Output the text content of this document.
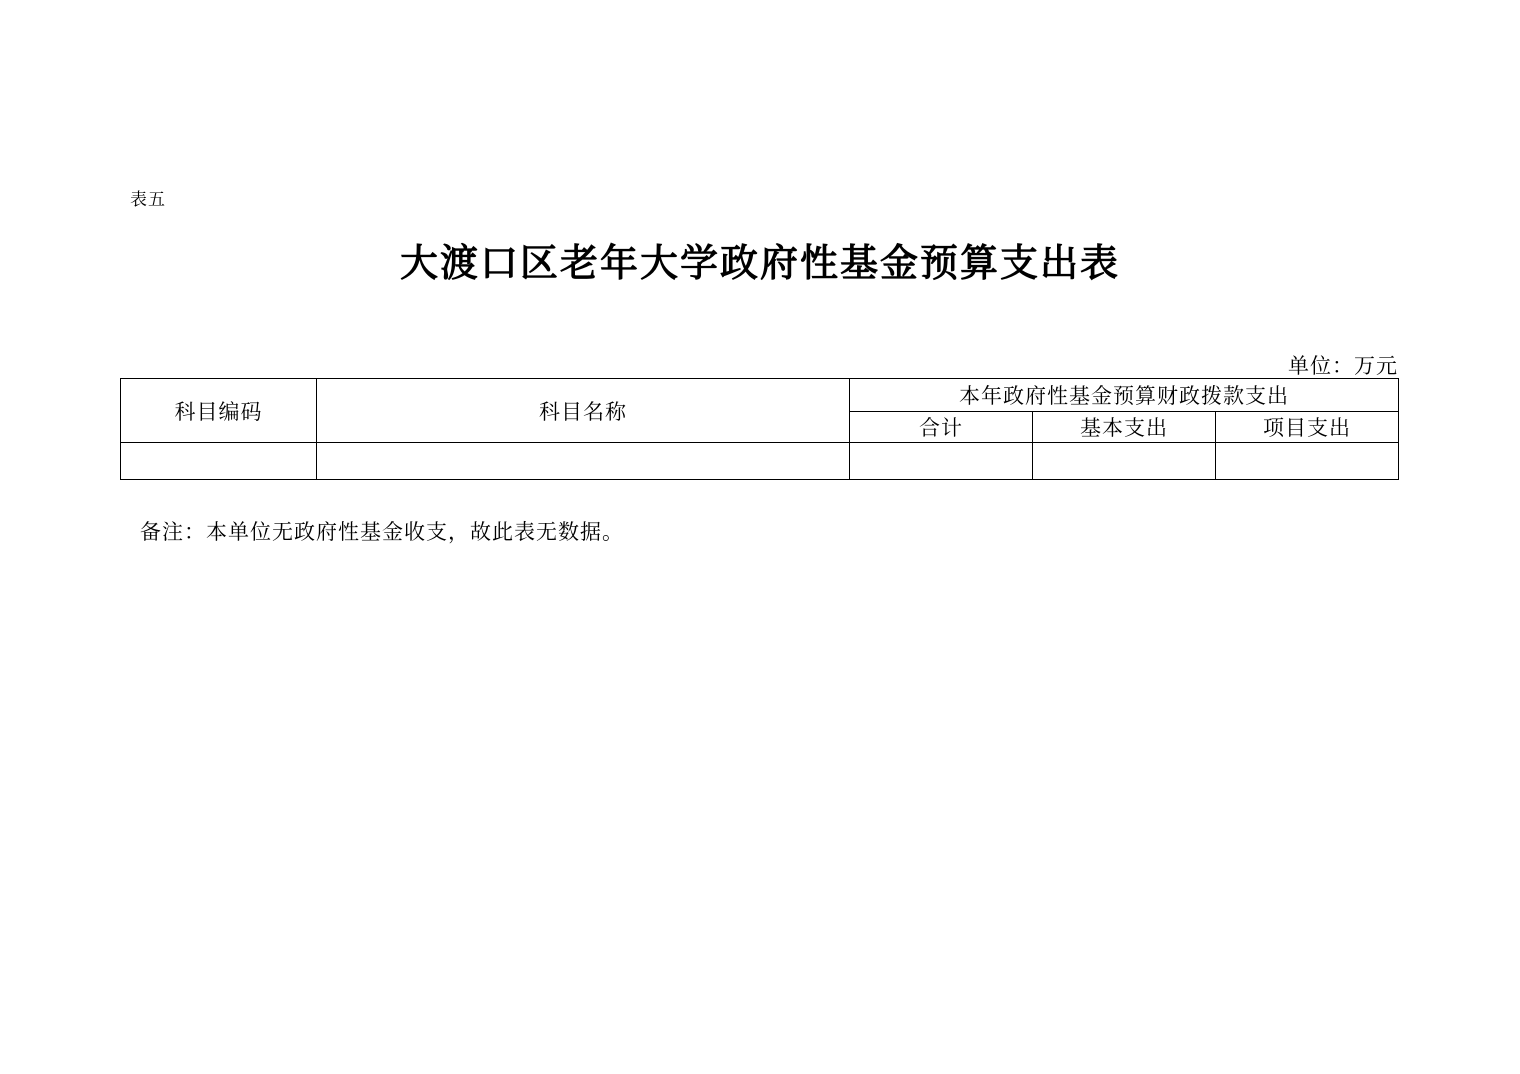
表五
大渡口区老年大学政府性基金预算支出表
单位：万元
科目编码	科目名称	本年政府性基金预算财政拨款支出		
		合计	基本支出	项目支出

备注：本单位无政府性基金收支，故此表无数据。
